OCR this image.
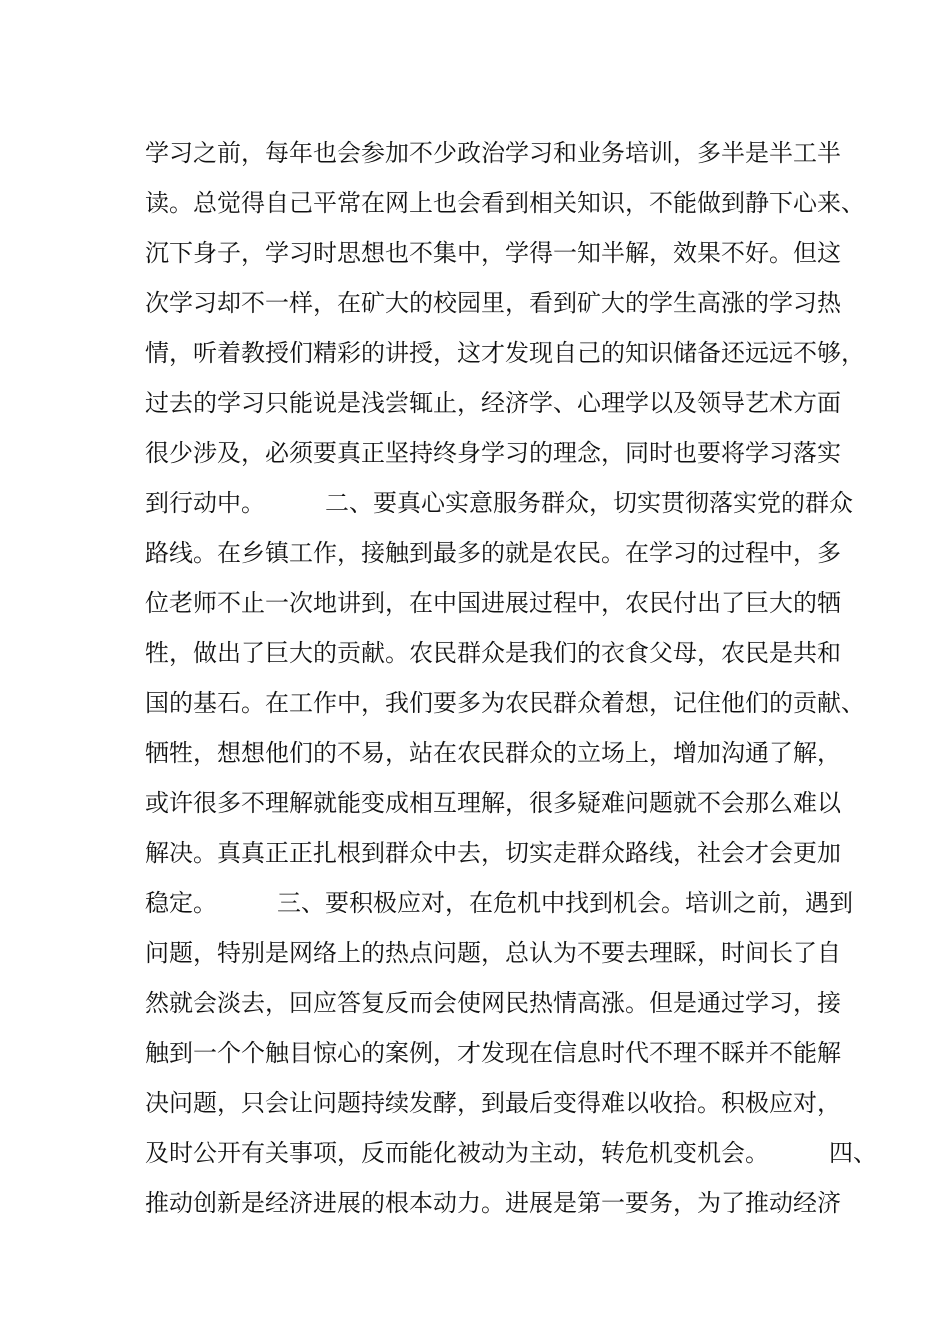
学习之前，每年也会参加不少政治学习和业务培训，多半是半工半
读。总觉得自己平常在网上也会看到相关知识，不能做到静下心来、
沉下身子，学习时思想也不集中，学得一知半解，效果不好。但这
次学习却不一样，在矿大的校园里，看到矿大的学生高涨的学习热
情，听着教授们精彩的讲授，这才发现自己的知识储备还远远不够，
过去的学习只能说是浅尝辄止，经济学、心理学以及领导艺术方面
很少涉及，必须要真正坚持终身学习的理念，同时也要将学习落实
到行动中。　　　二、要真心实意服务群众，切实贯彻落实党的群众
路线。在乡镇工作，接触到最多的就是农民。在学习的过程中，多
位老师不止一次地讲到，在中国进展过程中，农民付出了巨大的牺
牲，做出了巨大的贡献。农民群众是我们的衣食父母，农民是共和
国的基石。在工作中，我们要多为农民群众着想，记住他们的贡献、
牺牲，想想他们的不易，站在农民群众的立场上，增加沟通了解，
或许很多不理解就能变成相互理解，很多疑难问题就不会那么难以
解决。真真正正扎根到群众中去，切实走群众路线，社会才会更加
稳定。　　　三、要积极应对，在危机中找到机会。培训之前，遇到
问题，特别是网络上的热点问题，总认为不要去理睬，时间长了自
然就会淡去，回应答复反而会使网民热情高涨。但是通过学习，接
触到一个个触目惊心的案例，才发现在信息时代不理不睬并不能解
决问题，只会让问题持续发酵，到最后变得难以收拾。积极应对，
及时公开有关事项，反而能化被动为主动，转危机变机会。　　　四、
推动创新是经济进展的根本动力。进展是第一要务，为了推动经济
